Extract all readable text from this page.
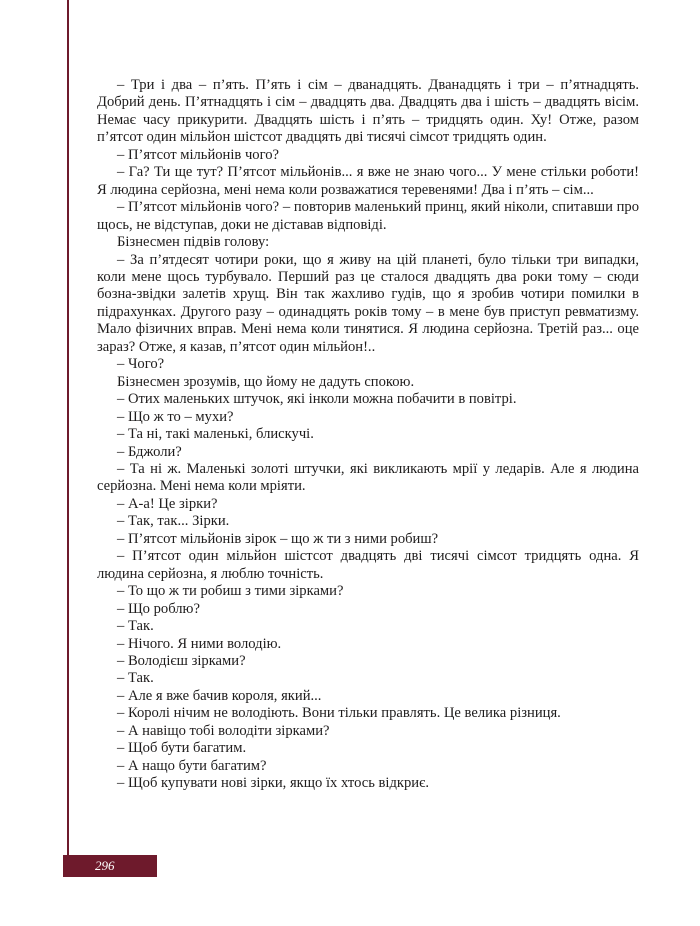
– Три і два – п’ять. П’ять і сім – дванадцять. Дванадцять і три – п’ятнадцять. Добрий день. П’ятнадцять і сім – двадцять два. Двадцять два і шість – двадцять вісім. Немає часу прикурити. Двадцять шість і п’ять – тридцять один. Ху! Отже, разом п’ятсот один мільйон шістсот двадцять дві тисячі сімсот тридцять один.

– П’ятсот мільйонів чого?

– Га? Ти ще тут? П’ятсот мільйонів... я вже не знаю чого... У мене стільки роботи! Я людина серйозна, мені нема коли розважатися теревенями! Два і п’ять – сім...

– П’ятсот мільйонів чого? – повторив маленький принц, який ніколи, спитавши про щось, не відступав, доки не діставав відповіді.

Бізнесмен підвів голову:

– За п’ятдесят чотири роки, що я живу на цій планеті, було тільки три випадки, коли мене щось турбувало. Перший раз це сталося двадцять два роки тому – сюди бозна-звідки залетів хрущ. Він так жахливо гудів, що я зробив чотири помилки в підрахунках. Другого разу – одинадцять років тому – в мене був приступ ревматизму. Мало фізичних вправ. Мені нема коли тинятися. Я людина серйозна. Третій раз... оце зараз? Отже, я казав, п’ятсот один мільйон!..

– Чого?

Бізнесмен зрозумів, що йому не дадуть спокою.

– Отих маленьких штучок, які інколи можна побачити в повітрі.

– Що ж то – мухи?

– Та ні, такі маленькі, блискучі.

– Бджоли?

– Та ні ж. Маленькі золоті штучки, які викликають мрії у ледарів. Але я людина серйозна. Мені нема коли мріяти.

– А-а! Це зірки?

– Так, так... Зірки.

– П’ятсот мільйонів зірок – що ж ти з ними робиш?

– П’ятсот один мільйон шістсот двадцять дві тисячі сімсот тридцять одна. Я людина серйозна, я люблю точність.

– То що ж ти робиш з тими зірками?

– Що роблю?

– Так.

– Нічого. Я ними володію.

– Володієш зірками?

– Так.

– Але я вже бачив короля, який...

– Королі нічим не володіють. Вони тільки правлять. Це велика різниця.

– А навіщо тобі володіти зірками?

– Щоб бути багатим.

– А нащо бути багатим?

– Щоб купувати нові зірки, якщо їх хтось відкриє.

296
